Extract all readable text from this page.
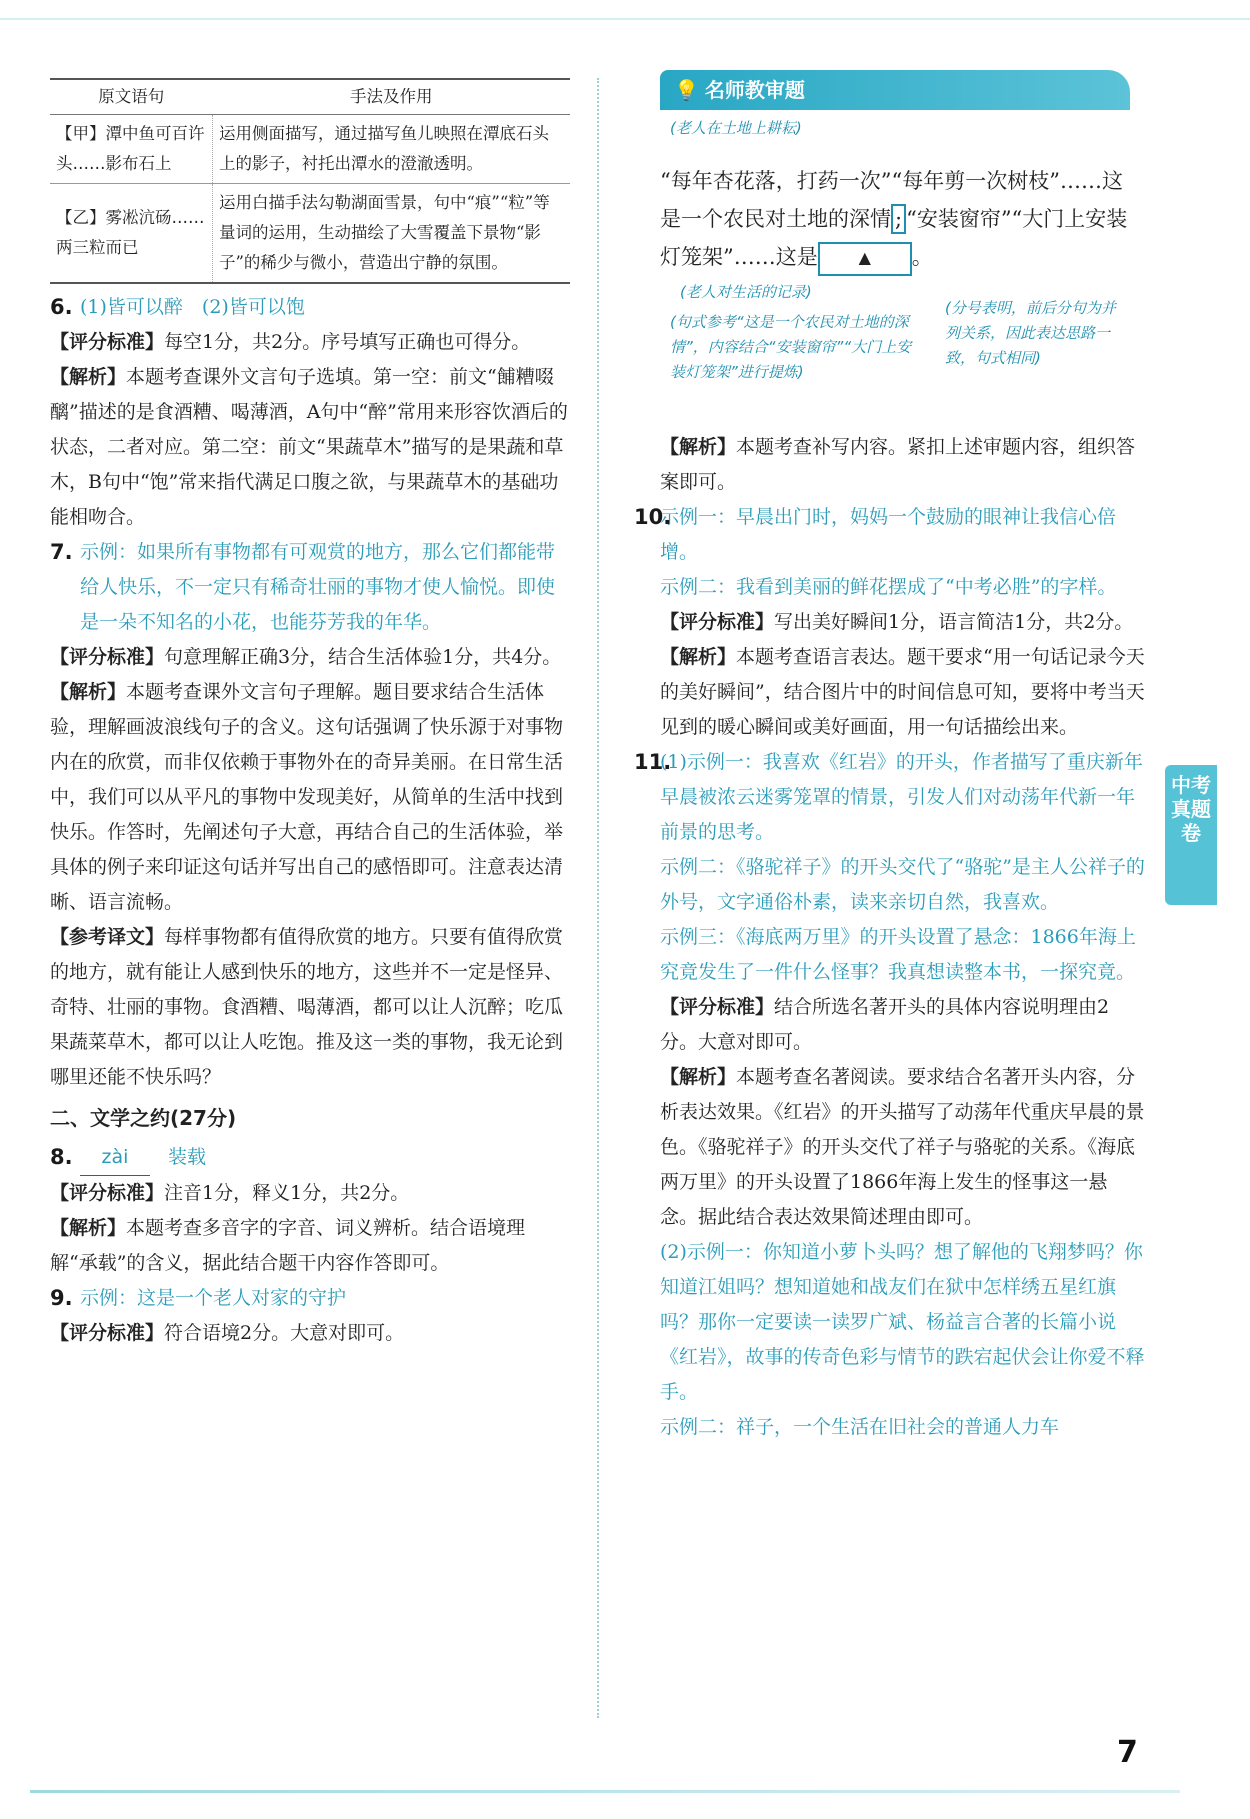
原文语句	手法及作用
【甲】潭中鱼可百许头……影布石上	运用侧面描写，通过描写鱼儿映照在潭底石头上的影子，衬托出潭水的澄澈透明。
【乙】雾凇沆砀……两三粒而已	运用白描手法勾勒湖面雪景，句中“痕”“粒”等量词的运用，生动描绘了大雪覆盖下景物“影子”的稀少与微小，营造出宁静的氛围。
6. (1)皆可以醉　(2)皆可以饱

【评分标准】每空1分，共2分。序号填写正确也可得分。

【解析】本题考查课外文言句子选填。第一空：前文“餔糟啜醨”描述的是食酒糟、喝薄酒，A句中“醉”常用来形容饮酒后的状态，二者对应。第二空：前文“果蔬草木”描写的是果蔬和草木，B句中“饱”常来指代满足口腹之欲，与果蔬草木的基础功能相吻合。

7. 示例：如果所有事物都有可观赏的地方，那么它们都能带给人快乐，不一定只有稀奇壮丽的事物才使人愉悦。即使是一朵不知名的小花，也能芬芳我的年华。

【评分标准】句意理解正确3分，结合生活体验1分，共4分。

【解析】本题考查课外文言句子理解。题目要求结合生活体验，理解画波浪线句子的含义。这句话强调了快乐源于对事物内在的欣赏，而非仅依赖于事物外在的奇异美丽。在日常生活中，我们可以从平凡的事物中发现美好，从简单的生活中找到快乐。作答时，先阐述句子大意，再结合自己的生活体验，举具体的例子来印证这句话并写出自己的感悟即可。注意表达清晰、语言流畅。

【参考译文】每样事物都有值得欣赏的地方。只要有值得欣赏的地方，就有能让人感到快乐的地方，这些并不一定是怪异、奇特、壮丽的事物。食酒糟、喝薄酒，都可以让人沉醉；吃瓜果蔬菜草木，都可以让人吃饱。推及这一类的事物，我无论到哪里还能不快乐吗？

二、文学之约(27分)
8.	zài 装载

【评分标准】注音1分，释义1分，共2分。

【解析】本题考查多音字的字音、词义辨析。结合语境理解“承载”的含义，据此结合题干内容作答即可。

9. 示例：这是一个老人对家的守护

【评分标准】符合语境2分。大意对即可。

💡 名师教审题
(老人在土地上耕耘)
“每年杏花落，打药一次”“每年剪一次树枝”……这是一个农民对土地的深情 ; “安装窗帘”“大门上安装灯笼架”……这是	▲ 。
(老人对生活的记录)
(句式参考“这是一个农民对土地的深情”，内容结合“安装窗帘”“大门上安装灯笼架”进行提炼)
(分号表明，前后分句为并列关系，因此表达思路一致，句式相同)

【解析】本题考查补写内容。紧扣上述审题内容，组织答案即可。

10.

示例一：早晨出门时，妈妈一个鼓励的眼神让我信心倍增。

示例二：我看到美丽的鲜花摆成了“中考必胜”的字样。

【评分标准】写出美好瞬间1分，语言简洁1分，共2分。

【解析】本题考查语言表达。题干要求“用一句话记录今天的美好瞬间”，结合图片中的时间信息可知，要将中考当天见到的暖心瞬间或美好画面，用一句话描绘出来。

11.

(1)示例一：我喜欢《红岩》的开头，作者描写了重庆新年早晨被浓云迷雾笼罩的情景，引发人们对动荡年代新一年前景的思考。

示例二：《骆驼祥子》的开头交代了“骆驼”是主人公祥子的外号，文字通俗朴素，读来亲切自然，我喜欢。

示例三：《海底两万里》的开头设置了悬念：1866年海上究竟发生了一件什么怪事？我真想读整本书，一探究竟。

【评分标准】结合所选名著开头的具体内容说明理由2分。大意对即可。

【解析】本题考查名著阅读。要求结合名著开头内容，分析表达效果。《红岩》的开头描写了动荡年代重庆早晨的景色。《骆驼祥子》的开头交代了祥子与骆驼的关系。《海底两万里》的开头设置了1866年海上发生的怪事这一悬念。据此结合表达效果简述理由即可。

(2)示例一：你知道小萝卜头吗？想了解他的飞翔梦吗？你知道江姐吗？想知道她和战友们在狱中怎样绣五星红旗吗？那你一定要读一读罗广斌、杨益言合著的长篇小说《红岩》，故事的传奇色彩与情节的跌宕起伏会让你爱不释手。

示例二：祥子，一个生活在旧社会的普通人力车

中考真题卷
7
